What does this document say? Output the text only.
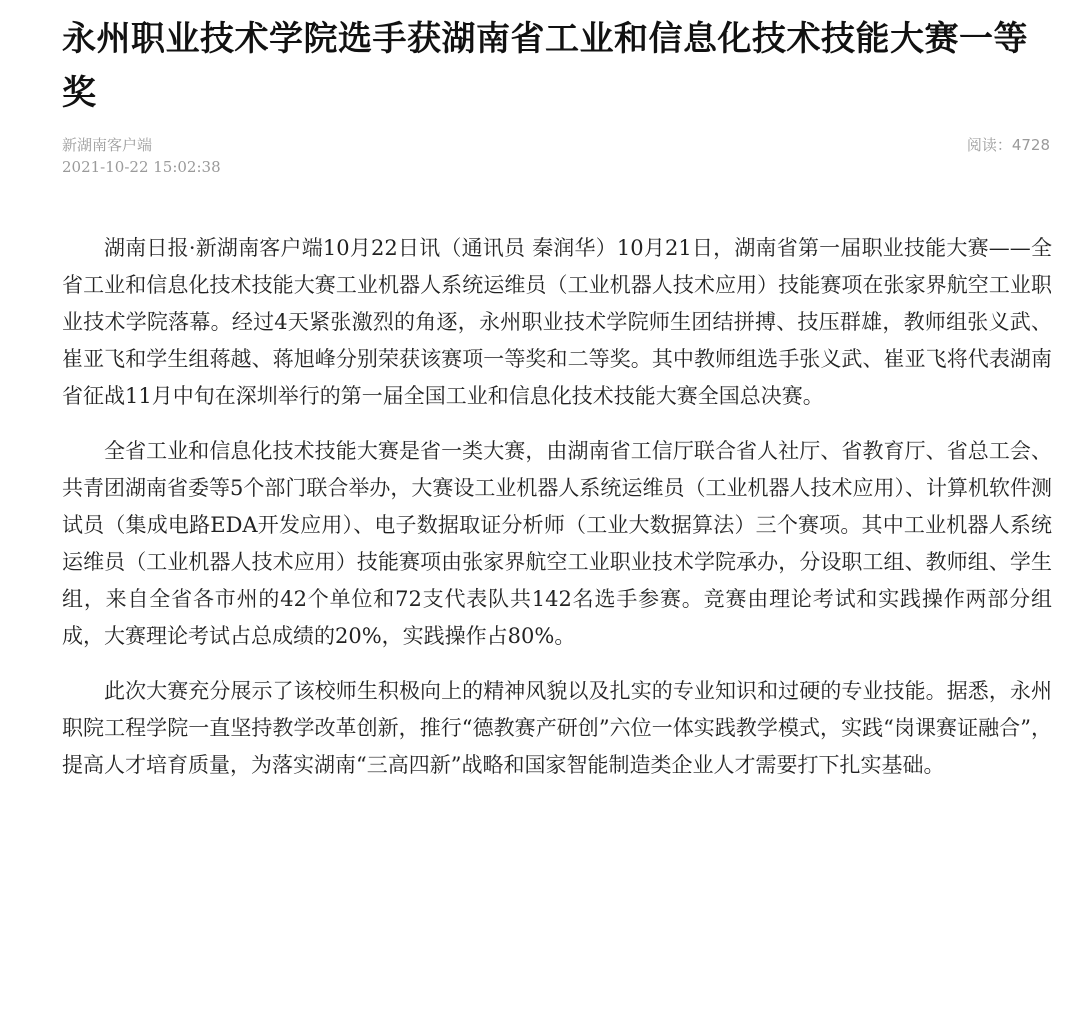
永州职业技术学院选手获湖南省工业和信息化技术技能大赛一等奖
新湖南客户端
2021-10-22 15:02:38
阅读：4728

湖南日报·新湖南客户端10月22日讯（通讯员 秦润华）10月21日，湖南省第一届职业技能大赛——全省工业和信息化技术技能大赛工业机器人系统运维员（工业机器人技术应用）技能赛项在张家界航空工业职业技术学院落幕。经过4天紧张激烈的角逐，永州职业技术学院师生团结拼搏、技压群雄，教师组张义武、崔亚飞和学生组蒋越、蒋旭峰分别荣获该赛项一等奖和二等奖。其中教师组选手张义武、崔亚飞将代表湖南省征战11月中旬在深圳举行的第一届全国工业和信息化技术技能大赛全国总决赛。

全省工业和信息化技术技能大赛是省一类大赛，由湖南省工信厅联合省人社厅、省教育厅、省总工会、共青团湖南省委等5个部门联合举办，大赛设工业机器人系统运维员（工业机器人技术应用）、计算机软件测试员（集成电路EDA开发应用）、电子数据取证分析师（工业大数据算法）三个赛项。其中工业机器人系统运维员（工业机器人技术应用）技能赛项由张家界航空工业职业技术学院承办，分设职工组、教师组、学生组，来自全省各市州的42个单位和72支代表队共142名选手参赛。竞赛由理论考试和实践操作两部分组成，大赛理论考试占总成绩的20%，实践操作占80%。

此次大赛充分展示了该校师生积极向上的精神风貌以及扎实的专业知识和过硬的专业技能。据悉，永州职院工程学院一直坚持教学改革创新，推行“德教赛产研创”六位一体实践教学模式，实践“岗课赛证融合”，提高人才培育质量，为落实湖南“三高四新”战略和国家智能制造类企业人才需要打下扎实基础。
